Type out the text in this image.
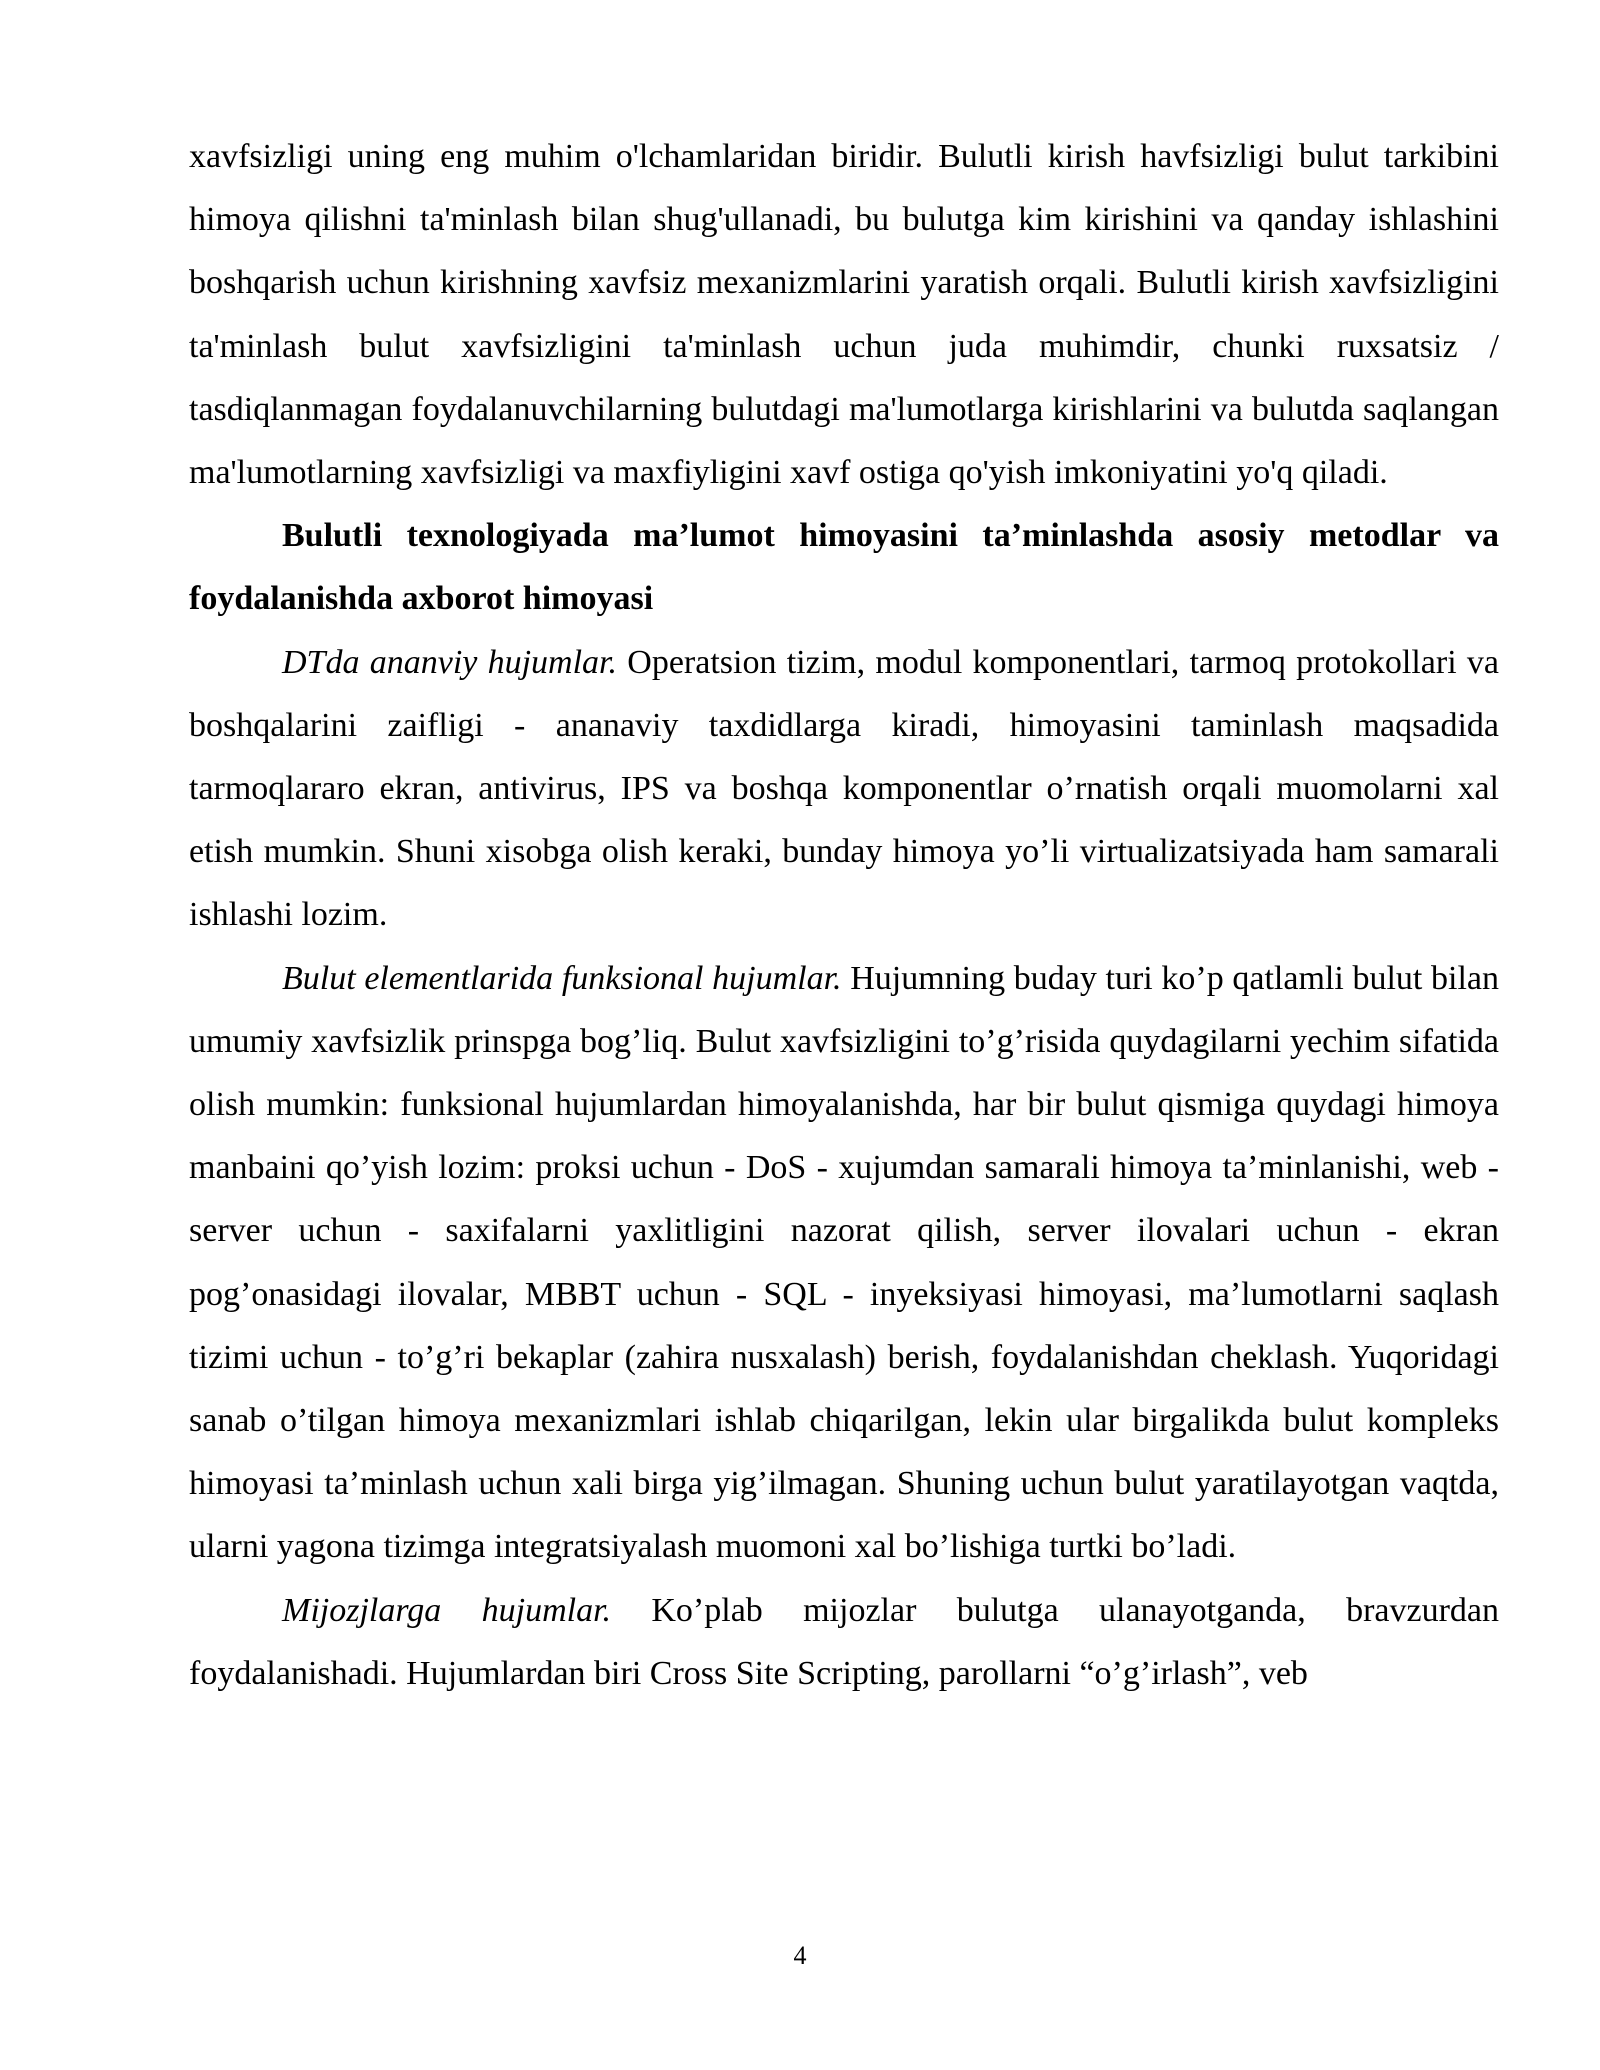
xavfsizligi uning eng muhim o'lchamlaridan biridir. Bulutli kirish havfsizligi bulut tarkibini himoya qilishni ta'minlash bilan shug'ullanadi, bu bulutga kim kirishini va qanday ishlashini boshqarish uchun kirishning xavfsiz mexanizmlarini yaratish orqali. Bulutli kirish xavfsizligini ta'minlash bulut xavfsizligini ta'minlash uchun juda muhimdir, chunki ruxsatsiz / tasdiqlanmagan foydalanuvchilarning bulutdagi ma'lumotlarga kirishlarini va bulutda saqlangan ma'lumotlarning xavfsizligi va maxfiyligini xavf ostiga qo'yish imkoniyatini yo'q qiladi.

Bulutli texnologiyada ma’lumot himoyasini ta’minlashda asosiy metodlar va foydalanishda axborot himoyasi

DTda ananviy hujumlar. Operatsion tizim, modul komponentlari, tarmoq protokollari va boshqalarini zaifligi - ananaviy taxdidlarga kiradi, himoyasini taminlash maqsadida tarmoqlararo ekran, antivirus, IPS va boshqa komponentlar o’rnatish orqali muomolarni xal etish mumkin. Shuni xisobga olish keraki, bunday himoya yo’li virtualizatsiyada ham samarali ishlashi lozim.

Bulut elementlarida funksional hujumlar. Hujumning buday turi ko’p qatlamli bulut bilan umumiy xavfsizlik prinspga bog’liq. Bulut xavfsizligini to’g’risida quydagilarni yechim sifatida olish mumkin: funksional hujumlardan himoyalanishda, har bir bulut qismiga quydagi himoya manbaini qo’yish lozim: proksi uchun - DoS - xujumdan samarali himoya ta’minlanishi, web - server uchun - saxifalarni yaxlitligini nazorat qilish, server ilovalari uchun - ekran pog’onasidagi ilovalar, MBBT uchun - SQL - inyeksiyasi himoyasi, ma’lumotlarni saqlash tizimi uchun - to’g’ri bekaplar (zahira nusxalash) berish, foydalanishdan cheklash. Yuqoridagi sanab o’tilgan himoya mexanizmlari ishlab chiqarilgan, lekin ular birgalikda bulut kompleks himoyasi ta’minlash uchun xali birga yig’ilmagan. Shuning uchun bulut yaratilayotgan vaqtda, ularni yagona tizimga integratsiyalash muomoni xal bo’lishiga turtki bo’ladi.

Mijozjlarga hujumlar. Ko’plab mijozlar bulutga ulanayotganda, bravzurdan foydalanishadi. Hujumlardan biri Cross Site Scripting, parollarni “o’g’irlash”, veb

4
